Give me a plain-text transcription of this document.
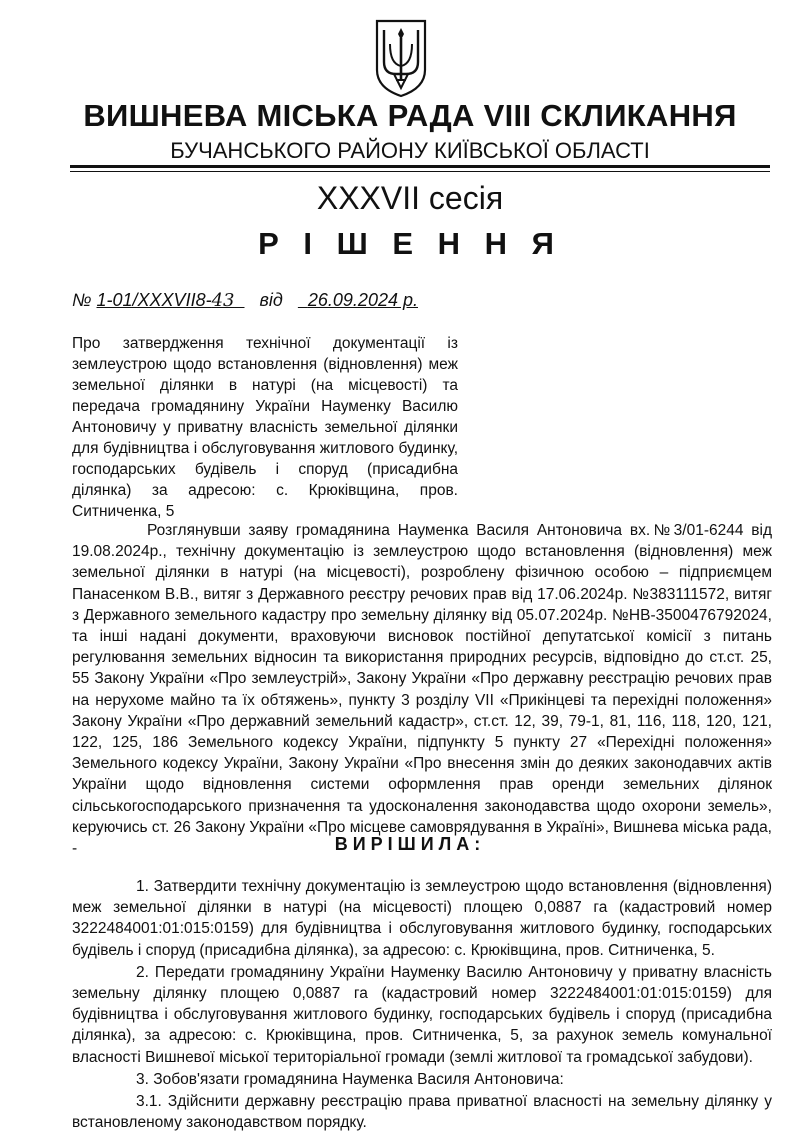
ВИШНЕВА МІСЬКА РАДА VIII СКЛИКАННЯ
БУЧАНСЬКОГО РАЙОНУ КИЇВСЬКОЇ ОБЛАСТІ
XXXVII сесія
Р І Ш Е Н Н Я
№ 1-01/XXXVII8-43 від 26.09.2024 р.
Про затвердження технічної документації із землеустрою щодо встановлення (відновлення) меж земельної ділянки в натурі (на місцевості) та передача громадянину України Науменку Василю Антоновичу у приватну власність земельної ділянки для будівництва і обслуговування житлового будинку, господарських будівель і споруд (присадибна ділянка) за адресою: с. Крюківщина, пров. Ситниченка, 5
Розглянувши заяву громадянина Науменка Василя Антоновича вх.№3/01-6244 від 19.08.2024р., технічну документацію із землеустрою щодо встановлення (відновлення) меж земельної ділянки в натурі (на місцевості), розроблену фізичною особою – підприємцем Панасенком В.В., витяг з Державного реєстру речових прав від 17.06.2024р. №383111572, витяг з Державного земельного кадастру про земельну ділянку від 05.07.2024р. №НВ-3500476792024, та інші надані документи, враховуючи висновок постійної депутатської комісії з питань регулювання земельних відносин та використання природних ресурсів, відповідно до ст.ст. 25, 55 Закону України «Про землеустрій», Закону України «Про державну реєстрацію речових прав на нерухоме майно та їх обтяжень», пункту 3 розділу VII «Прикінцеві та перехідні положення» Закону України «Про державний земельний кадастр», ст.ст. 12, 39, 79-1, 81, 116, 118, 120, 121, 122, 125, 186 Земельного кодексу України, підпункту 5 пункту 27 «Перехідні положення» Земельного кодексу України, Закону України «Про внесення змін до деяких законодавчих актів України щодо відновлення системи оформлення прав оренди земельних ділянок сільськогосподарського призначення та удосконалення законодавства щодо охорони земель», керуючись ст. 26 Закону України «Про місцеве самоврядування в Україні», Вишнева міська рада, -	ВИРІШИЛА:

1. Затвердити технічну документацію із землеустрою щодо встановлення (відновлення) меж земельної ділянки в натурі (на місцевості) площею 0,0887 га (кадастровий номер 3222484001:01:015:0159) для будівництва і обслуговування житлового будинку, господарських будівель і споруд (присадибна ділянка), за адресою: с. Крюківщина, пров. Ситниченка, 5.

2. Передати громадянину України Науменку Василю Антоновичу у приватну власність земельну ділянку площею 0,0887 га (кадастровий номер 3222484001:01:015:0159) для будівництва і обслуговування житлового будинку, господарських будівель і споруд (присадибна ділянка), за адресою: с. Крюківщина, пров. Ситниченка, 5, за рахунок земель комунальної власності Вишневої міської територіальної громади (землі житлової та громадської забудови).

3. Зобов'язати громадянина Науменка Василя Антоновича:

3.1. Здійснити державну реєстрацію права приватної власності на земельну ділянку у встановленому законодавством порядку.
